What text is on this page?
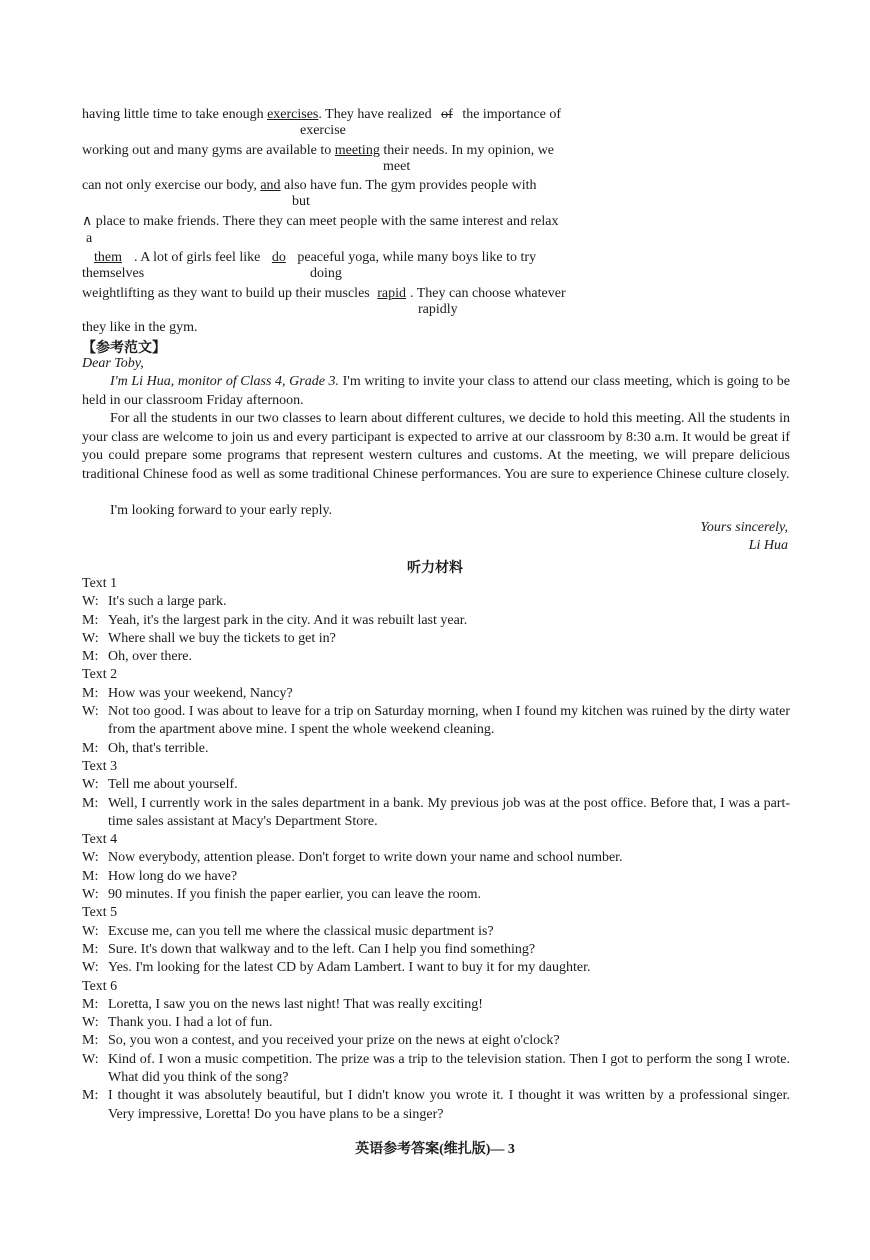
having little time to take enough exercises. They have realized of the importance of
exercise
working out and many gyms are available to meeting their needs. In my opinion, we
meet
can not only exercise our body, and also have fun. The gym provides people with
but
∧ place to make friends. There they can meet people with the same interest and relax
a
them . A lot of girls feel like do peaceful yoga, while many boys like to try
themselves	doing
weightlifting as they want to build up their muscles rapid . They can choose whatever
rapidly
they like in the gym.
【参考范文】
Dear Toby,
I'm Li Hua, monitor of Class 4, Grade 3. I'm writing to invite your class to attend our class meeting, which is going to be held in our classroom Friday afternoon.
For all the students in our two classes to learn about different cultures, we decide to hold this meeting. All the students in your class are welcome to join us and every participant is expected to arrive at our classroom by 8:30 a.m. It would be great if you could prepare some programs that represent western cultures and customs. At the meeting, we will prepare delicious traditional Chinese food as well as some traditional Chinese performances. You are sure to experience Chinese culture closely.
I'm looking forward to your early reply.
Yours sincerely,
Li Hua
听力材料
Text 1
W: It's such a large park.
M: Yeah, it's the largest park in the city. And it was rebuilt last year.
W: Where shall we buy the tickets to get in?
M: Oh, over there.
Text 2
M: How was your weekend, Nancy?
W: Not too good. I was about to leave for a trip on Saturday morning, when I found my kitchen was ruined by the dirty water from the apartment above mine. I spent the whole weekend cleaning.
M: Oh, that's terrible.
Text 3
W: Tell me about yourself.
M: Well, I currently work in the sales department in a bank. My previous job was at the post office. Before that, I was a part-time sales assistant at Macy's Department Store.
Text 4
W: Now everybody, attention please. Don't forget to write down your name and school number.
M: How long do we have?
W: 90 minutes. If you finish the paper earlier, you can leave the room.
Text 5
W: Excuse me, can you tell me where the classical music department is?
M: Sure. It's down that walkway and to the left. Can I help you find something?
W: Yes. I'm looking for the latest CD by Adam Lambert. I want to buy it for my daughter.
Text 6
M: Loretta, I saw you on the news last night! That was really exciting!
W: Thank you. I had a lot of fun.
M: So, you won a contest, and you received your prize on the news at eight o'clock?
W: Kind of. I won a music competition. The prize was a trip to the television station. Then I got to perform the song I wrote. What did you think of the song?
M: I thought it was absolutely beautiful, but I didn't know you wrote it. I thought it was written by a professional singer. Very impressive, Loretta! Do you have plans to be a singer?
英语参考答案(维扎版)— 3
